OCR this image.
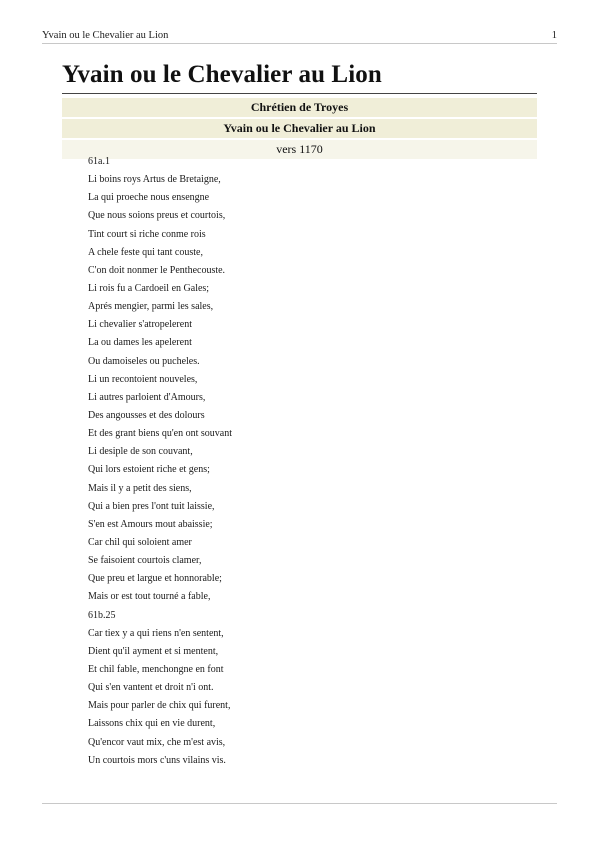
Yvain ou le Chevalier au Lion	1
Yvain ou le Chevalier au Lion
Chrétien de Troyes
Yvain ou le Chevalier au Lion
vers 1170
61a.1
Li boins roys Artus de Bretaigne,
La qui proeche nous ensengne
Que nous soions preus et courtois,
Tint court si riche conme rois
A chele feste qui tant couste,
C'on doit nonmer le Penthecouste.
Li rois fu a Cardoeil en Gales;
Aprés mengier, parmi les sales,
Li chevalier s'atropelerent
La ou dames les apelerent
Ou damoiseles ou pucheles.
Li un recontoient nouveles,
Li autres parloient d'Amours,
Des angousses et des dolours
Et des grant biens qu'en ont souvant
Li desiple de son couvant,
Qui lors estoient riche et gens;
Mais il y a petit des siens,
Qui a bien pres l'ont tuit laissie,
S'en est Amours mout abaissie;
Car chil qui soloient amer
Se faisoient courtois clamer,
Que preu et largue et honnorable;
Mais or est tout tourné a fable,
61b.25
Car tiex y a qui riens n'en sentent,
Dient qu'il ayment et si mentent,
Et chil fable, menchongne en font
Qui s'en vantent et droit n'i ont.
Mais pour parler de chix qui furent,
Laissons chix qui en vie durent,
Qu'encor vaut mix, che m'est avis,
Un courtois mors c'uns vilains vis.
